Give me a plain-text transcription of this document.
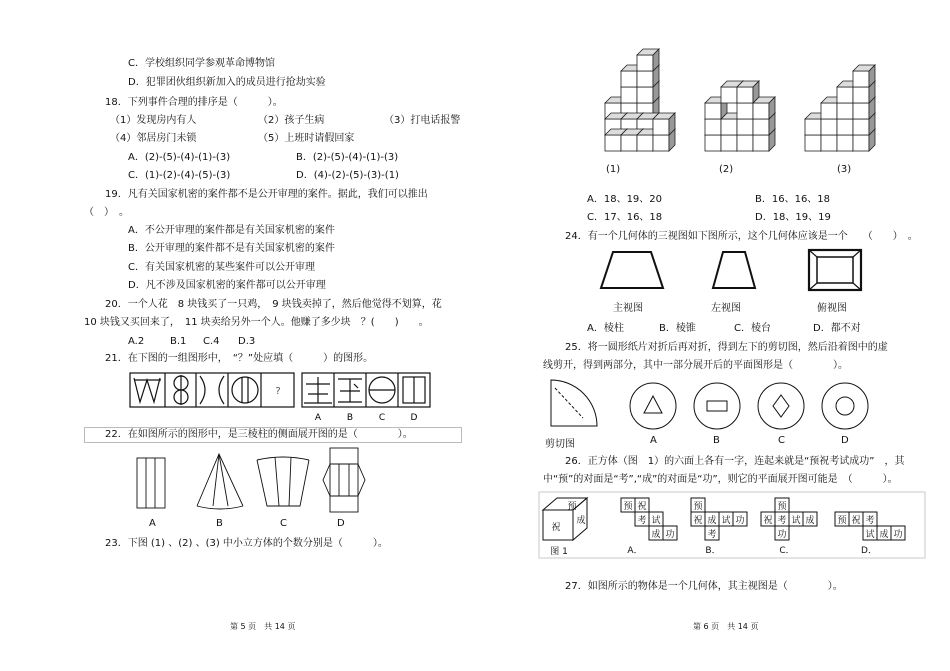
C．学校组织同学参观革命博物馆
D．犯罪团伙组织新加入的成员进行抢劫实验
18．下列事件合理的排序是（　　　）。
（1）发现房内有人	（2）孩子生病	（3）打电话报警
（4）邻居房门未锁	（5）上班时请假回家
A．(2)-(5)-(4)-(1)-(3)	B．(2)-(5)-(4)-(1)-(3)
C．(1)-(2)-(4)-(5)-(3)	D．(4)-(2)-(5)-(3)-(1)
19．凡有关国家机密的案件都不是公开审理的案件。据此，我们可以推出
（　）　。
A．不公开审理的案件都是有关国家机密的案件
B．公开审理的案件都不是有关国家机密的案件
C．有关国家机密的某些案件可以公开审理
D．凡不涉及国家机密的案件都可以公开审理
20．一个人花　8 块钱买了一只鸡，　9 块钱卖掉了，然后他觉得不划算，花
10 块钱又买回来了，　11 块卖给另外一个人。他赚了多少块　？(　　)　　。
A.2	B.1 C.4 D.3
21．在下图的一组图形中，　“？”处应填（　　　）的图形。
?
A	B	C	D
22．在如图所示的图形中，是三棱柱的侧面展开图的是（　　　　）。
A	B	C	D
23．下图 (1) 、(2) 、(3) 中小立方体的个数分别是（　　　）。
第 5 页　共 14 页
(1)	(2)	(3)
A．18、19、20	B．16、16、18
C．17、16、18	D．18、19、19
24．有一个几何体的三视图如下图所示，这个几何体应该是一个　　（　　）　。
主视图	左视图	俯视图
A．棱柱	B．棱锥	C．棱台	D．都不对
25．将一圆形纸片对折后再对折，得到左下的剪切图，然后沿着图中的虚
线剪开，得到两部分，其中一部分展开后的平面图形是（　　　　）。
剪切图	A	B	C	D
26．正方体（图　1）的六面上各有一字，连起来就是“预祝考试成功”　，其
中“预”的对面是“考”,“成”的对面是“功”，则它的平面展开图可能是　（　　　）。
预
祝
成
图 1
预 祝
考 试
成 功
A．
预
祝 成 试 功
考
B．
预
祝 考 试 成
功
C．
预 祝 考
试 成 功
D．
27．如图所示的物体是一个几何体，其主视图是（　　　　）。
第 6 页　共 14 页
